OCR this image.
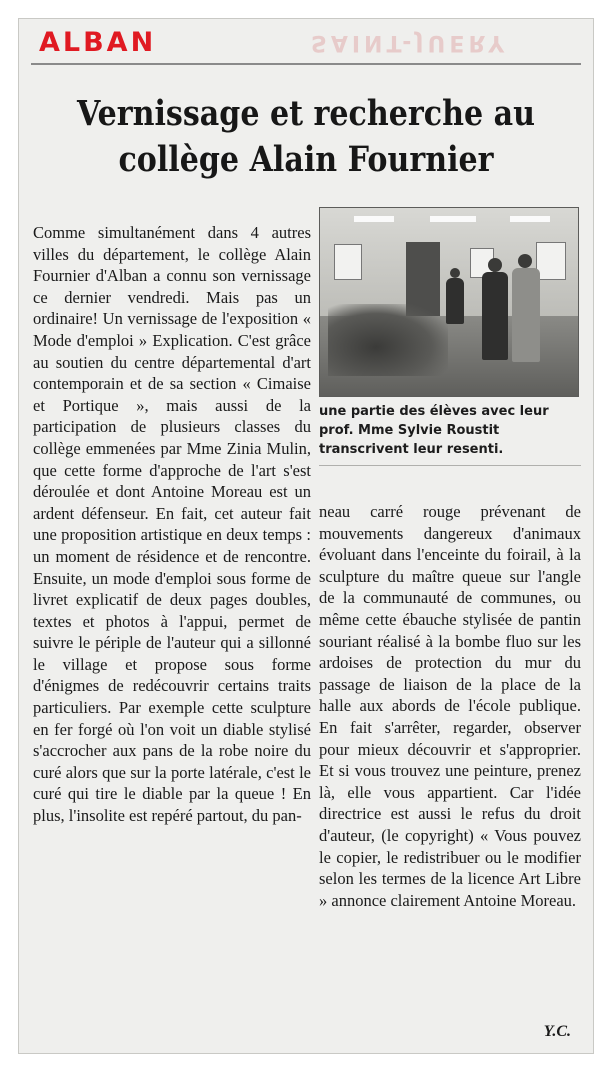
SAINT-JUERY
ALBAN
Vernissage et recherche au
collège Alain Fournier

Comme simultanément dans 4 autres villes du département, le collège Alain Fournier d'Alban a connu son vernissage ce dernier vendredi. Mais pas un ordinaire! Un vernissage de l'exposition « Mode d'emploi » Explication. C'est grâce au soutien du centre départemental d'art contemporain et de sa section « Cimaise et Portique », mais aussi de la participation de plusieurs classes du collège emmenées par Mme Zinia Mulin, que cette forme d'approche de l'art s'est déroulée et dont Antoine Moreau est un ardent défenseur. En fait, cet auteur fait une proposition artistique en deux temps : un moment de résidence et de rencontre. Ensuite, un mode d'emploi sous forme de livret explicatif de deux pages doubles, textes et photos à l'appui, permet de suivre le périple de l'auteur qui a sillonné le village et propose sous forme d'énigmes de redécouvrir certains traits particuliers. Par exemple cette sculpture en fer forgé où l'on voit un diable stylisé s'accrocher aux pans de la robe noire du curé alors que sur la porte latérale, c'est le curé qui tire le diable par la queue ! En plus, l'insolite est repéré partout, du pan-

une partie des élèves avec leur prof. Mme Sylvie Roustit transcrivent leur resenti.

neau carré rouge prévenant de mouvements dangereux d'animaux évoluant dans l'enceinte du foirail, à la sculpture du maître queue sur l'angle de la communauté de communes, ou même cette ébauche stylisée de pantin souriant réalisé à la bombe fluo sur les ardoises de protection du mur du passage de liaison de la place de la halle aux abords de l'école publique. En fait s'arrêter, regarder, observer pour mieux découvrir et s'approprier. Et si vous trouvez une peinture, prenez là, elle vous appartient. Car l'idée directrice est aussi le refus du droit d'auteur, (le copyright) « Vous pouvez le copier, le redistribuer ou le modifier selon les termes de la licence Art Libre » annonce clairement Antoine Moreau.

Y.C.
